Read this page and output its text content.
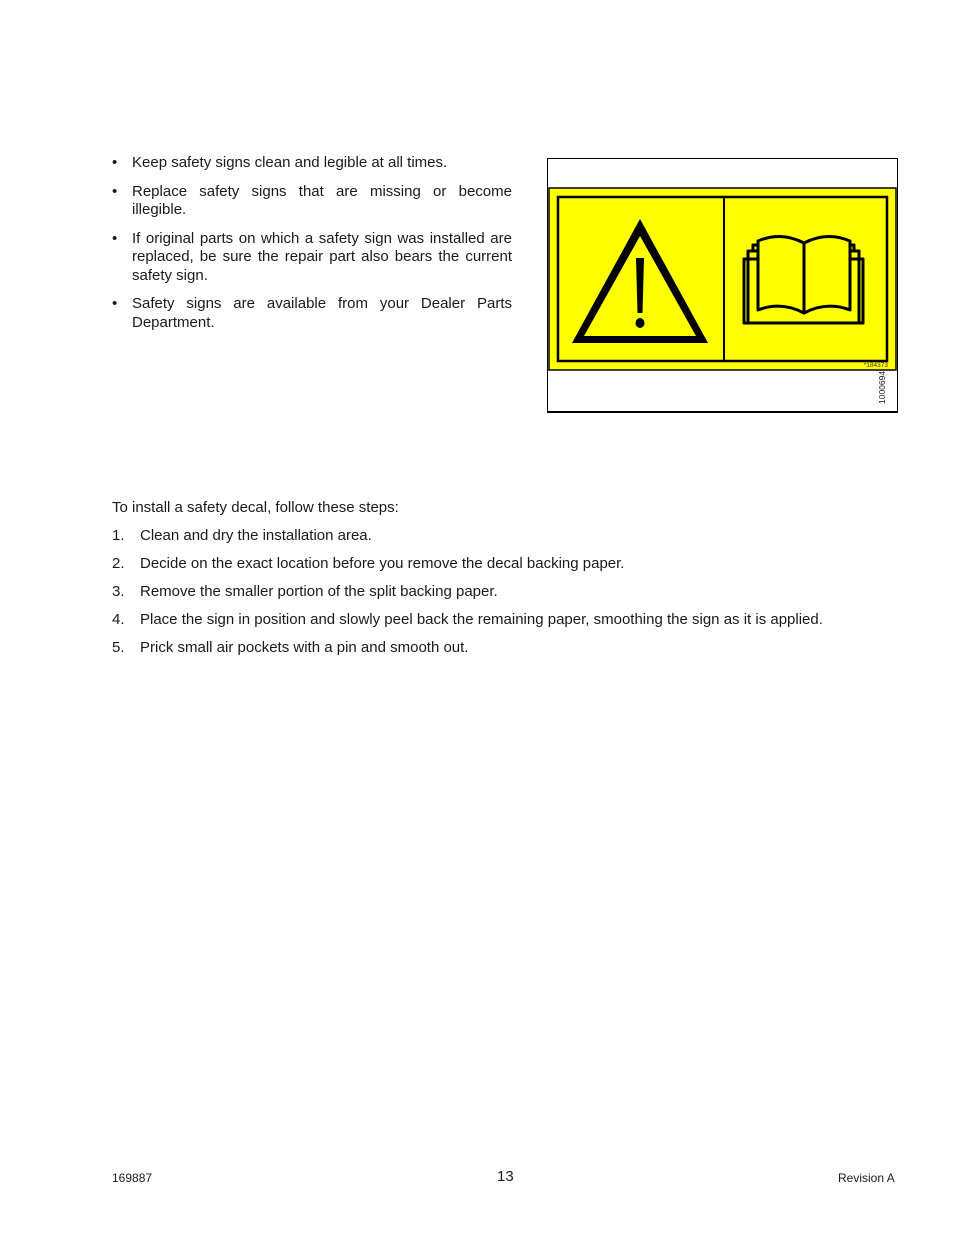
• Keep safety signs clean and legible at all times.
• Replace safety signs that are missing or become illegible.
• If original parts on which a safety sign was installed are replaced, be sure the repair part also bears the current safety sign.
• Safety signs are available from your Dealer Parts Department.
*184373
1000694

To install a safety decal, follow these steps:

1. Clean and dry the installation area.
2. Decide on the exact location before you remove the decal backing paper.
3. Remove the smaller portion of the split backing paper.
4. Place the sign in position and slowly peel back the remaining paper, smoothing the sign as it is applied.
5. Prick small air pockets with a pin and smooth out.
169887	13	Revision A
